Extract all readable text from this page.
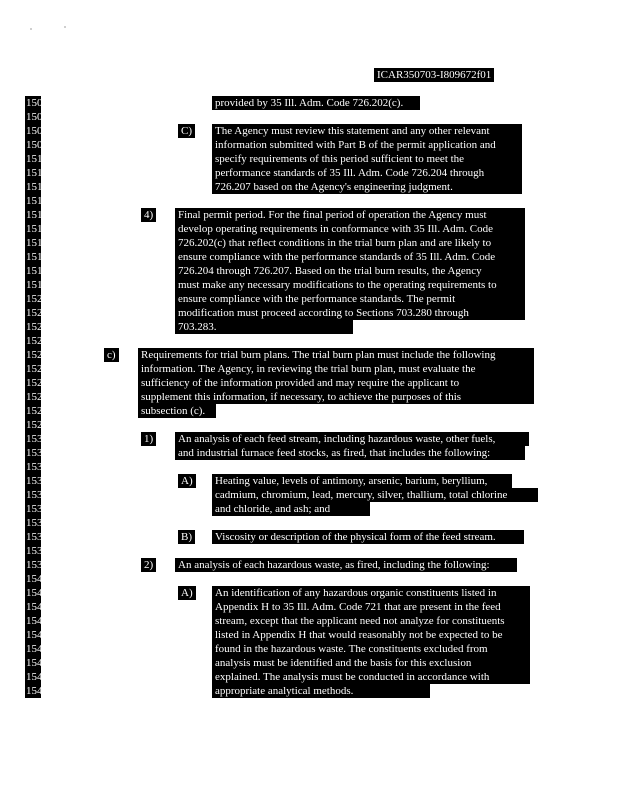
ICAR350703-I809672f01
1506	provided by 35 Ill. Adm. Code 726.202(c).
1507
1508	C) The Agency must review this statement and any other relevant
1509	information submitted with Part B of the permit application and
1510	specify requirements of this period sufficient to meet the
1511	performance standards of 35 Ill. Adm. Code 726.204 through
1512	726.207 based on the Agency's engineering judgment.
1513
1514	4) Final permit period. For the final period of operation the Agency must
1515	develop operating requirements in conformance with 35 Ill. Adm. Code
1516	726.202(c) that reflect conditions in the trial burn plan and are likely to
1517	ensure compliance with the performance standards of 35 Ill. Adm. Code
1518	726.204 through 726.207. Based on the trial burn results, the Agency
1519	must make any necessary modifications to the operating requirements to
1520	ensure compliance with the performance standards. The permit
1521	modification must proceed according to Sections 703.280 through
1522	703.283.
1523
1524	c) Requirements for trial burn plans. The trial burn plan must include the following
1525	information. The Agency, in reviewing the trial burn plan, must evaluate the
1526	sufficiency of the information provided and may require the applicant to
1527	supplement this information, if necessary, to achieve the purposes of this
1528	subsection (c).
1529
1530	1) An analysis of each feed stream, including hazardous waste, other fuels,
1531	and industrial furnace feed stocks, as fired, that includes the following:
1532
1533	A) Heating value, levels of antimony, arsenic, barium, beryllium,
1534	cadmium, chromium, lead, mercury, silver, thallium, total chlorine
1535	and chloride, and ash; and
1536
1537	B) Viscosity or description of the physical form of the feed stream.
1538
1539	2) An analysis of each hazardous waste, as fired, including the following:
1540
1541	A) An identification of any hazardous organic constituents listed in
1542	Appendix H to 35 Ill. Adm. Code 721 that are present in the feed
1543	stream, except that the applicant need not analyze for constituents
1544	listed in Appendix H that would reasonably not be expected to be
1545	found in the hazardous waste. The constituents excluded from
1546	analysis must be identified and the basis for this exclusion
1547	explained. The analysis must be conducted in accordance with
1548	appropriate analytical methods.
